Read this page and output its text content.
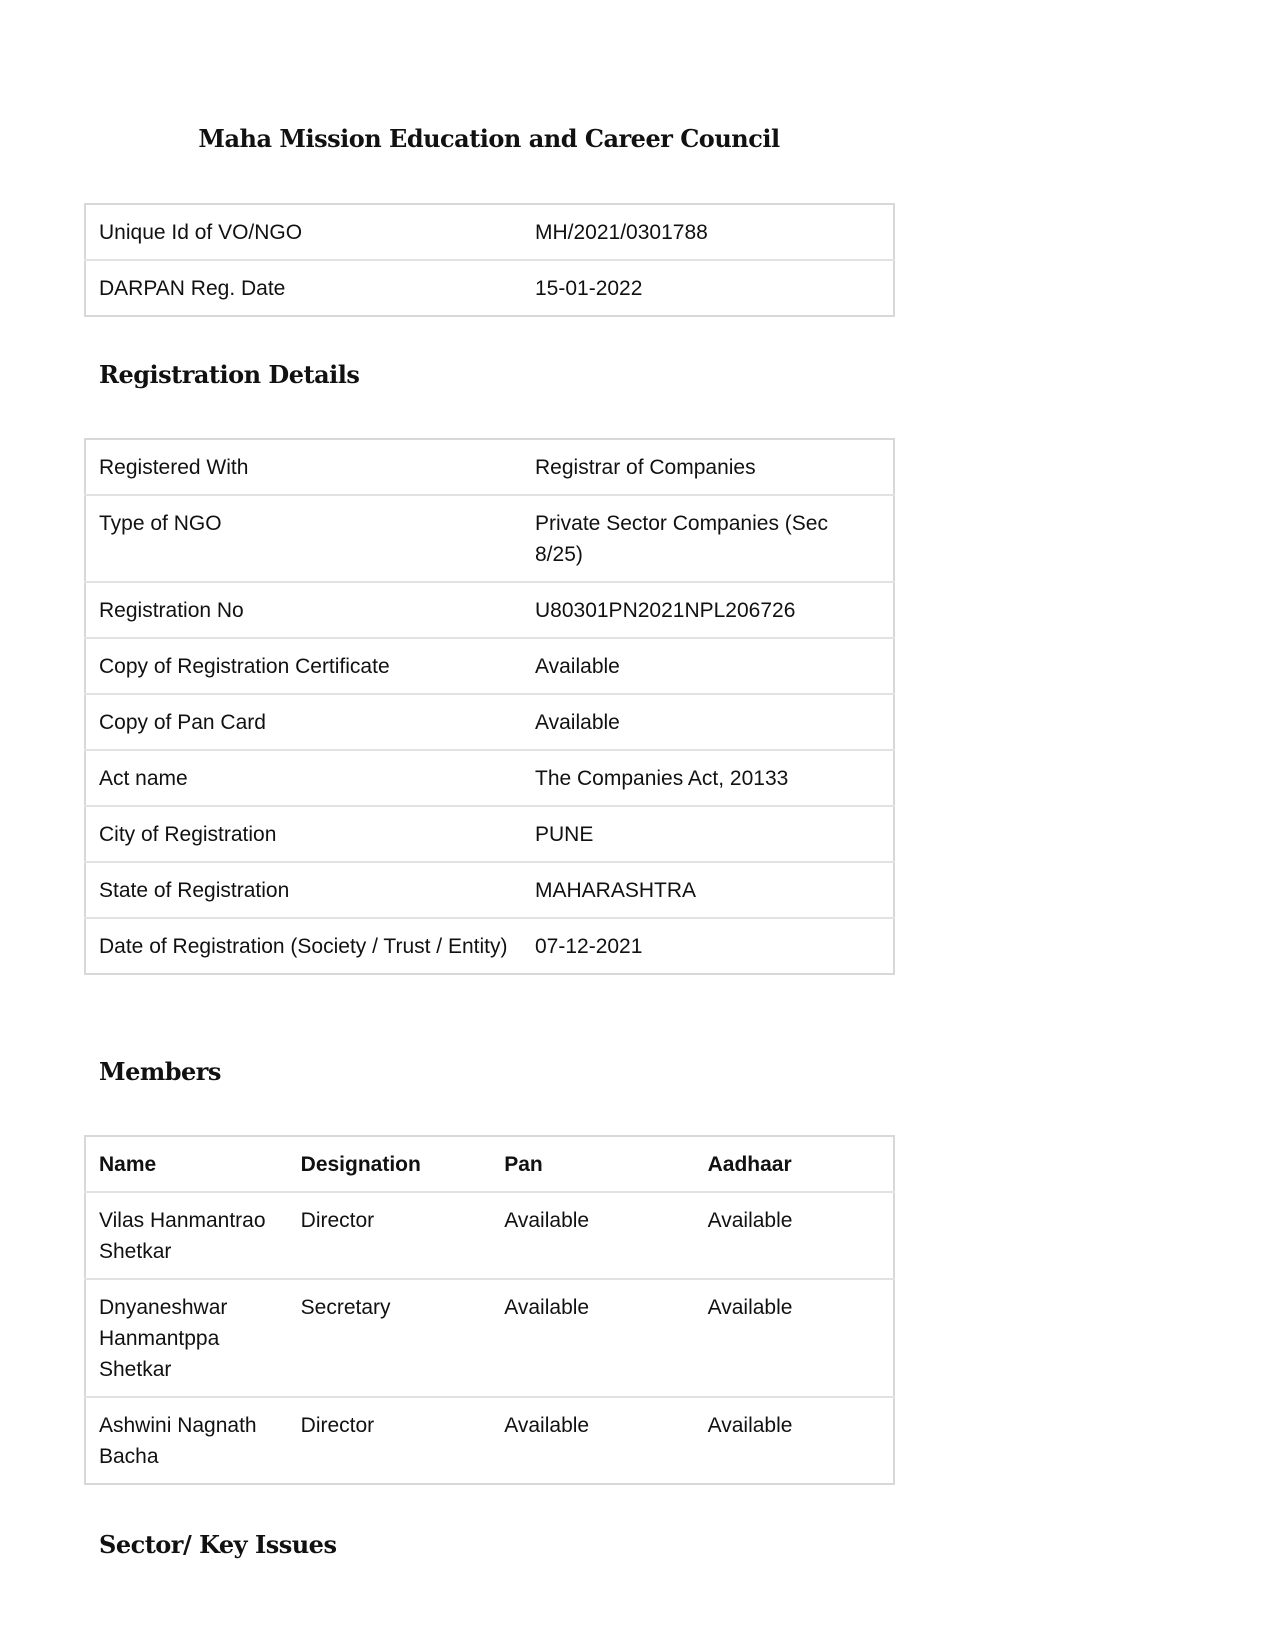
Maha Mission Education and Career Council
Unique Id of VO/NGO	MH/2021/0301788
DARPAN Reg. Date	15-01-2022
Registration Details
Registered With	Registrar of Companies
Type of NGO	Private Sector Companies (Sec 8/25)
Registration No	U80301PN2021NPL206726
Copy of Registration Certificate	Available
Copy of Pan Card	Available
Act name	The Companies Act, 20133
City of Registration	PUNE
State of Registration	MAHARASHTRA
Date of Registration (Society / Trust / Entity)	07-12-2021
Members
Name	Designation	Pan	Aadhaar
Vilas Hanmantrao Shetkar	Director	Available	Available
Dnyaneshwar Hanmantppa Shetkar	Secretary	Available	Available
Ashwini Nagnath Bacha	Director	Available	Available
Sector/ Key Issues
